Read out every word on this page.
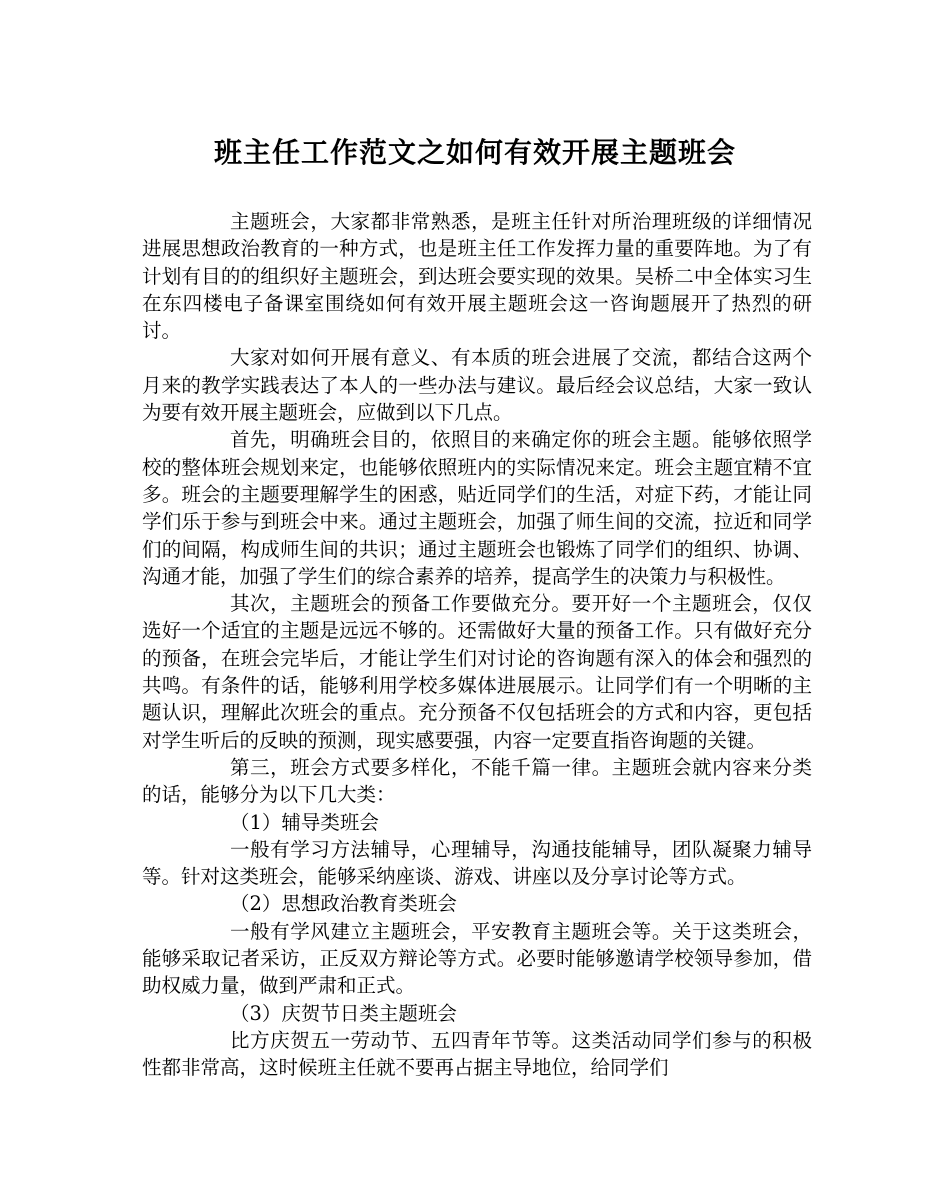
班主任工作范文之如何有效开展主题班会

主题班会，大家都非常熟悉，是班主任针对所治理班级的详细情况进展思想政治教育的一种方式，也是班主任工作发挥力量的重要阵地。为了有计划有目的的组织好主题班会，到达班会要实现的效果。吴桥二中全体实习生在东四楼电子备课室围绕如何有效开展主题班会这一咨询题展开了热烈的研讨。

大家对如何开展有意义、有本质的班会进展了交流，都结合这两个月来的教学实践表达了本人的一些办法与建议。最后经会议总结，大家一致认为要有效开展主题班会，应做到以下几点。

首先，明确班会目的，依照目的来确定你的班会主题。能够依照学校的整体班会规划来定，也能够依照班内的实际情况来定。班会主题宜精不宜多。班会的主题要理解学生的困惑，贴近同学们的生活，对症下药，才能让同学们乐于参与到班会中来。通过主题班会，加强了师生间的交流，拉近和同学们的间隔，构成师生间的共识；通过主题班会也锻炼了同学们的组织、协调、沟通才能，加强了学生们的综合素养的培养，提高学生的决策力与积极性。

其次，主题班会的预备工作要做充分。要开好一个主题班会，仅仅选好一个适宜的主题是远远不够的。还需做好大量的预备工作。只有做好充分的预备，在班会完毕后，才能让学生们对讨论的咨询题有深入的体会和强烈的共鸣。有条件的话，能够利用学校多媒体进展展示。让同学们有一个明晰的主题认识，理解此次班会的重点。充分预备不仅包括班会的方式和内容，更包括对学生听后的反映的预测，现实感要强，内容一定要直指咨询题的关键。

第三，班会方式要多样化，不能千篇一律。主题班会就内容来分类的话，能够分为以下几大类：

（1）辅导类班会

一般有学习方法辅导，心理辅导，沟通技能辅导，团队凝聚力辅导等。针对这类班会，能够采纳座谈、游戏、讲座以及分享讨论等方式。

（2）思想政治教育类班会

一般有学风建立主题班会，平安教育主题班会等。关于这类班会，能够采取记者采访，正反双方辩论等方式。必要时能够邀请学校领导参加，借助权威力量，做到严肃和正式。

（3）庆贺节日类主题班会

比方庆贺五一劳动节、五四青年节等。这类活动同学们参与的积极性都非常高，这时候班主任就不要再占据主导地位，给同学们
